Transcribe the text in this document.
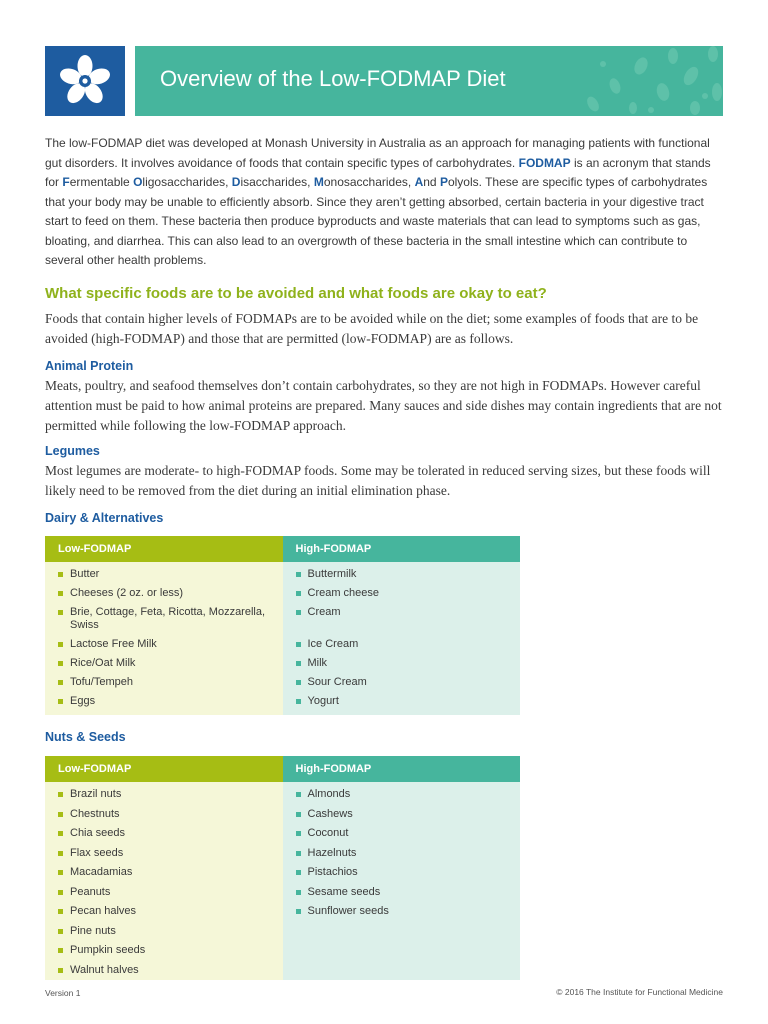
Overview of the Low-FODMAP Diet

The low-FODMAP diet was developed at Monash University in Australia as an approach for managing patients with functional gut disorders. It involves avoidance of foods that contain specific types of carbohydrates. FODMAP is an acronym that stands for Fermentable Oligosaccharides, Disaccharides, Monosaccharides, And Polyols. These are specific types of carbohydrates that your body may be unable to efficiently absorb. Since they aren’t getting absorbed, certain bacteria in your digestive tract start to feed on them. These bacteria then produce byproducts and waste materials that can lead to symptoms such as gas, bloating, and diarrhea. This can also lead to an overgrowth of these bacteria in the small intestine which can contribute to several other health problems.

What specific foods are to be avoided and what foods are okay to eat?

Foods that contain higher levels of FODMAPs are to be avoided while on the diet; some examples of foods that are to be avoided (high-FODMAP) and those that are permitted (low-FODMAP) are as follows.

Animal Protein

Meats, poultry, and seafood themselves don’t contain carbohydrates, so they are not high in FODMAPs. However careful attention must be paid to how animal proteins are prepared. Many sauces and side dishes may contain ingredients that are not permitted while following the low-FODMAP approach.

Legumes

Most legumes are moderate- to high-FODMAP foods. Some may be tolerated in reduced serving sizes, but these foods will likely need to be removed from the diet during an initial elimination phase.

Dairy & Alternatives
Low-FODMAP
Butter
Cheeses (2 oz. or less)
Brie, Cottage, Feta, Ricotta, Mozzarella, Swiss
Lactose Free Milk
Rice/Oat Milk
Tofu/Tempeh
Eggs
High-FODMAP
Buttermilk
Cream cheese
Cream
Ice Cream
Milk
Sour Cream
Yogurt
Nuts & Seeds
Low-FODMAP
Brazil nuts
Chestnuts
Chia seeds
Flax seeds
Macadamias
Peanuts
Pecan halves
Pine nuts
Pumpkin seeds
Walnut halves
High-FODMAP
Almonds
Cashews
Coconut
Hazelnuts
Pistachios
Sesame seeds
Sunflower seeds
Version 1	© 2016 The Institute for Functional Medicine
